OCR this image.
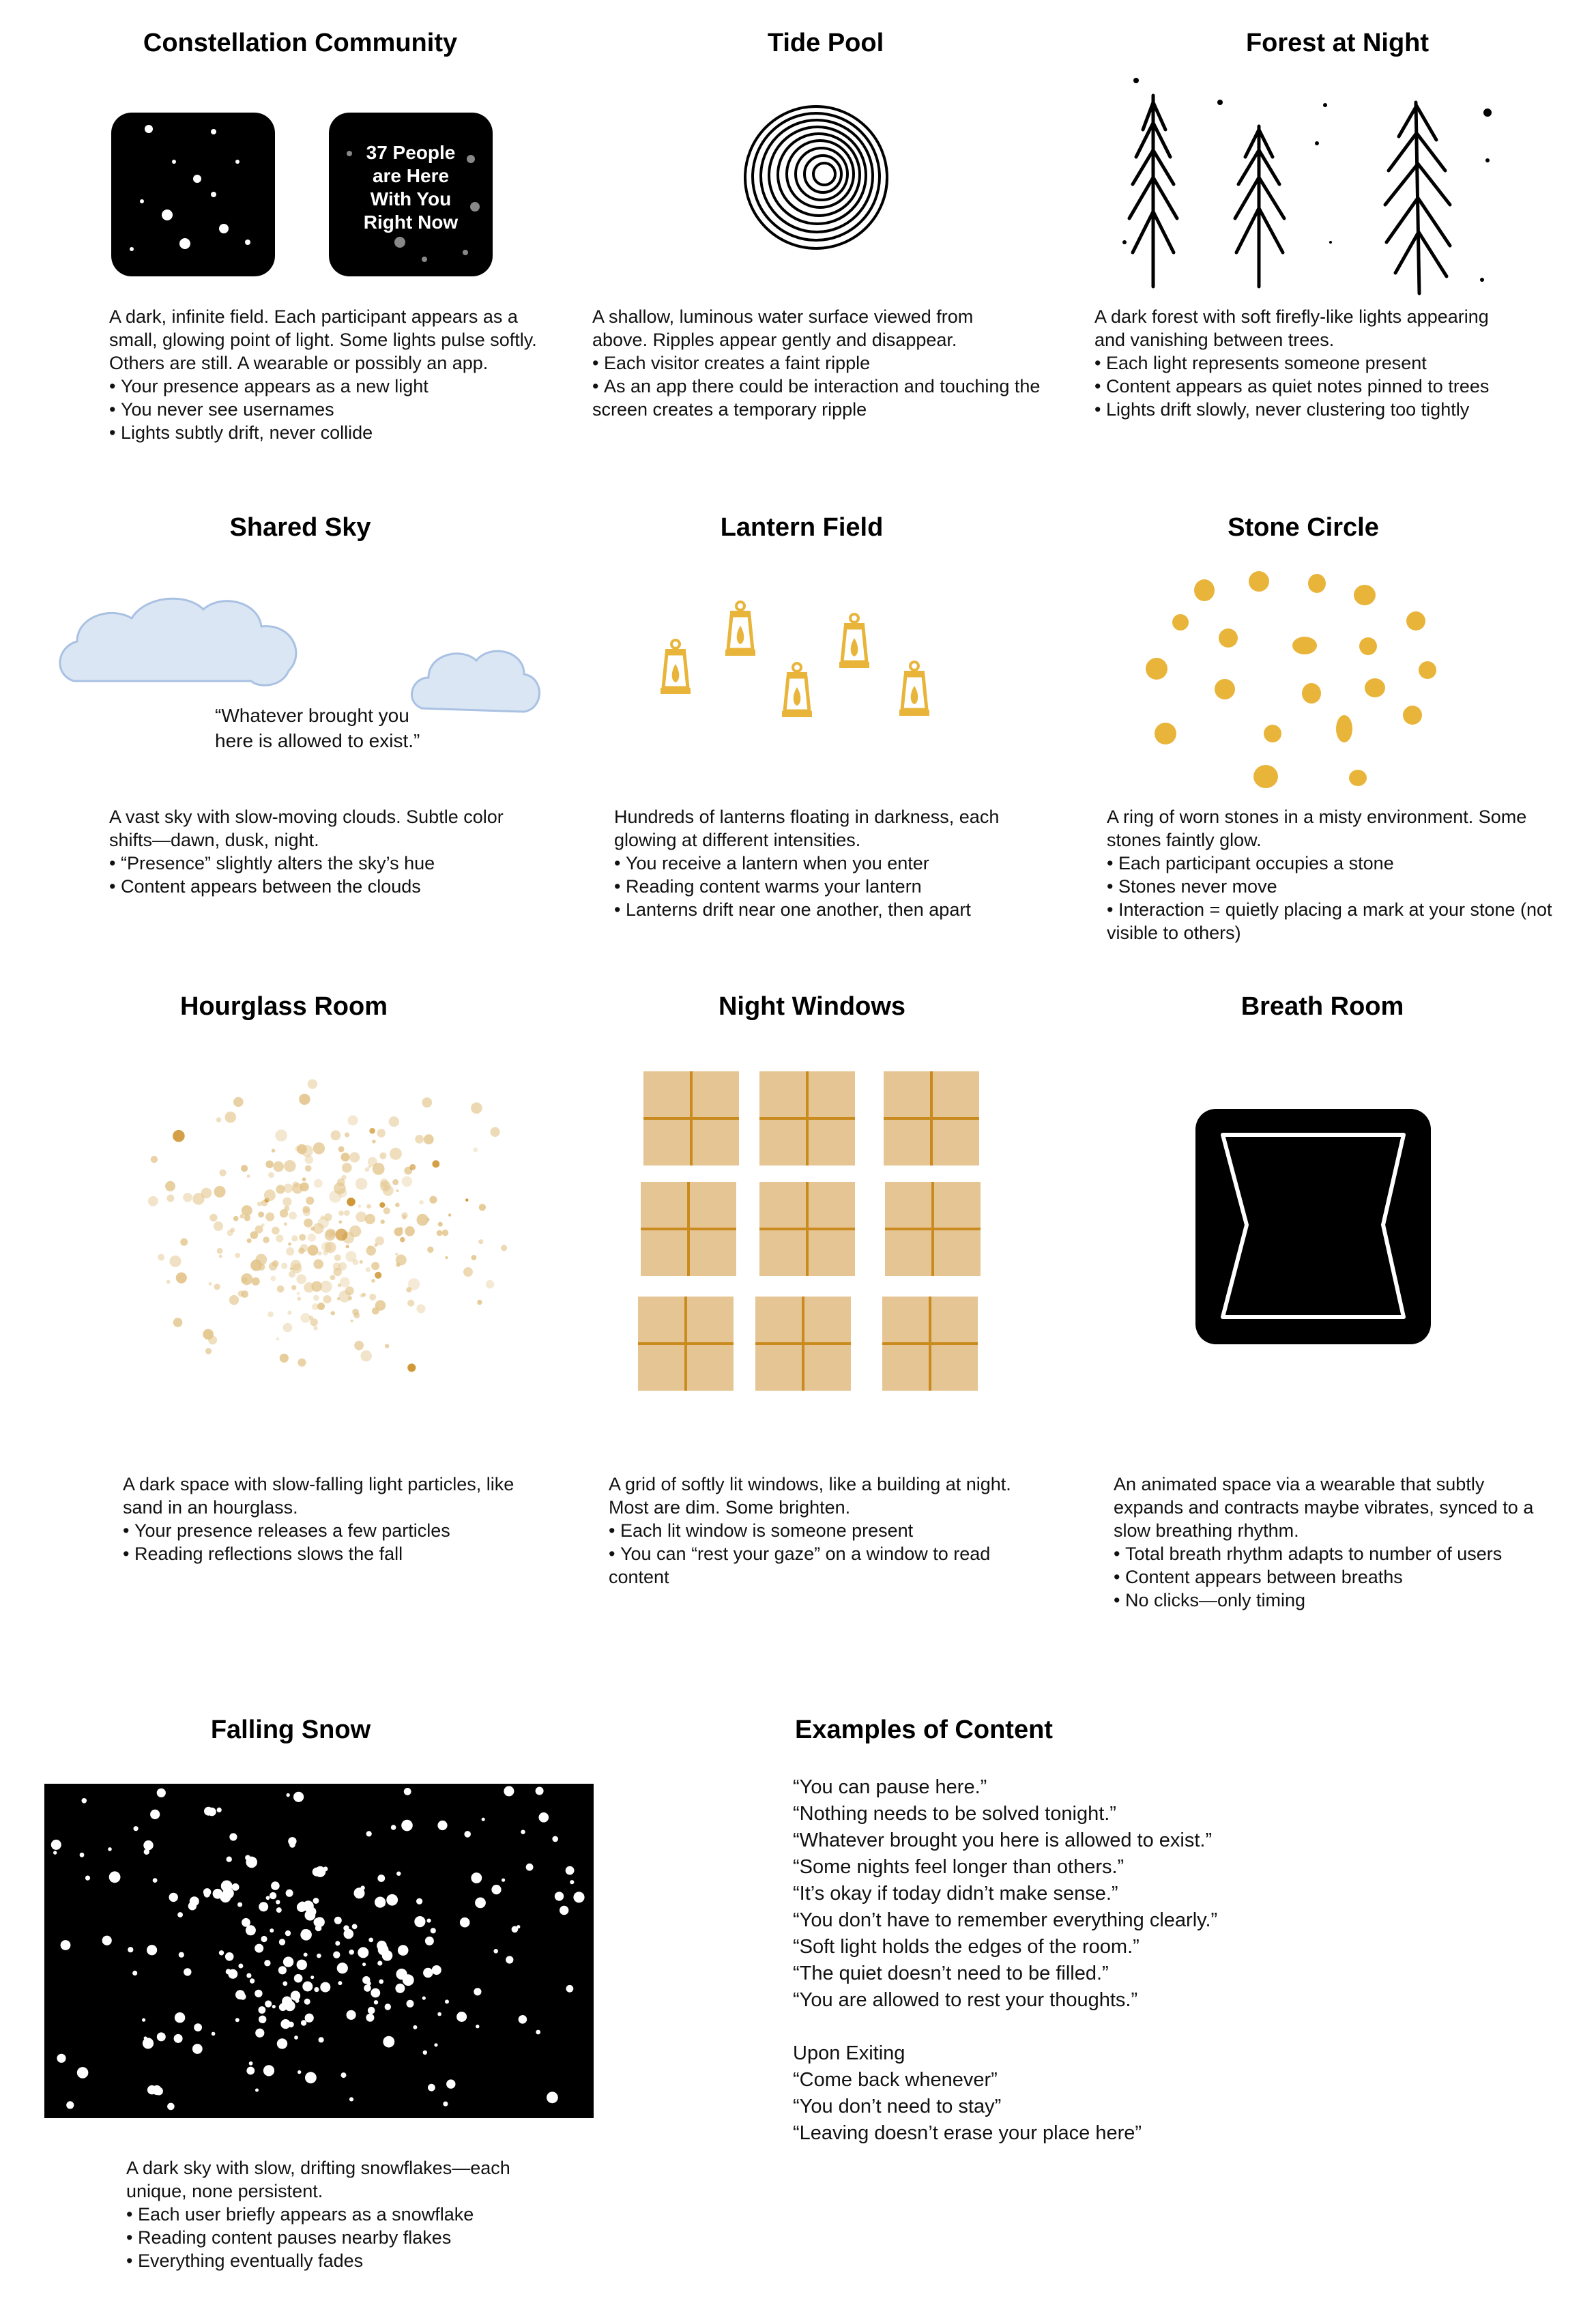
Constellation Community
37 People
are Here
With You
Right Now

A dark, infinite field. Each participant appears as a

small, glowing point of light. Some lights pulse softly.

Others are still. A wearable or possibly an app.

• Your presence appears as a new light

• You never see usernames

• Lights subtly drift, never collide

Tide Pool

A shallow, luminous water surface viewed from

above. Ripples appear gently and disappear.

• Each visitor creates a faint ripple

• As an app there could be interaction and touching the screen creates a temporary ripple

Forest at Night

A dark forest with soft firefly-like lights appearing

and vanishing between trees.

• Each light represents someone present

• Content appears as quiet notes pinned to trees

• Lights drift slowly, never clustering too tightly

Shared Sky
“Whatever brought you
here is allowed to exist.”

A vast sky with slow-moving clouds. Subtle color

shifts—dawn, dusk, night.

• “Presence” slightly alters the sky’s hue

• Content appears between the clouds

Lantern Field

Hundreds of lanterns floating in darkness, each

glowing at different intensities.

• You receive a lantern when you enter

• Reading content warms your lantern

• Lanterns drift near one another, then apart

Stone Circle

A ring of worn stones in a misty environment. Some

stones faintly glow.

• Each participant occupies a stone

• Stones never move

• Interaction = quietly placing a mark at your stone (not visible to others)

Hourglass Room

A dark space with slow-falling light particles, like

sand in an hourglass.

• Your presence releases a few particles

• Reading reflections slows the fall

Night Windows

A grid of softly lit windows, like a building at night.

Most are dim. Some brighten.

• Each lit window is someone present

• You can “rest your gaze” on a window to read content

Breath Room

An animated space via a wearable that subtly

expands and contracts maybe vibrates, synced to a

slow breathing rhythm.

• Total breath rhythm adapts to number of users

• Content appears between breaths

• No clicks—only timing

Falling Snow

A dark sky with slow, drifting snowflakes—each

unique, none persistent.

• Each user briefly appears as a snowflake

• Reading content pauses nearby flakes

• Everything eventually fades

Examples of Content

“You can pause here.”

“Nothing needs to be solved tonight.”

“Whatever brought you here is allowed to exist.”

“Some nights feel longer than others.”

“It’s okay if today didn’t make sense.”

“You don’t have to remember everything clearly.”

“Soft light holds the edges of the room.”

“The quiet doesn’t need to be filled.”

“You are allowed to rest your thoughts.”

Upon Exiting

“Come back whenever”

“You don’t need to stay”

“Leaving doesn’t erase your place here”
